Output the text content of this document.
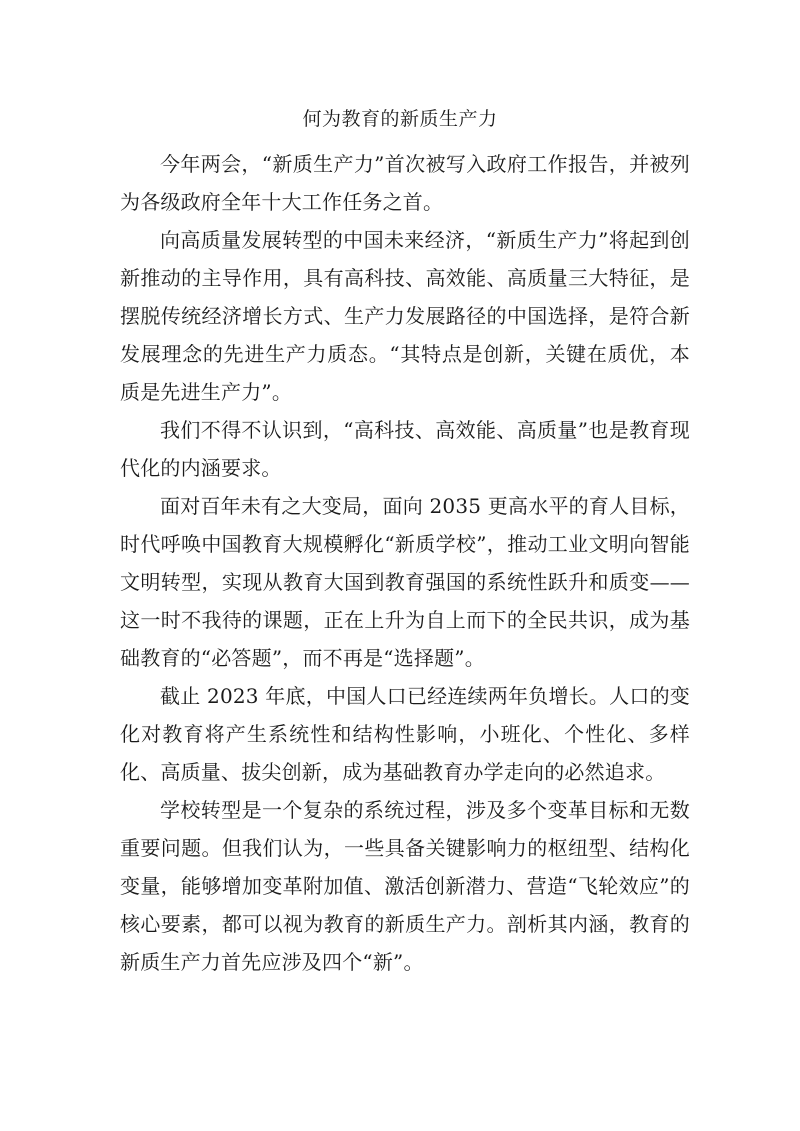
何为教育的新质生产力

今年两会，“新质生产力”首次被写入政府工作报告，并被列为各级政府全年十大工作任务之首。

向高质量发展转型的中国未来经济，“新质生产力”将起到创新推动的主导作用，具有高科技、高效能、高质量三大特征，是摆脱传统经济增长方式、生产力发展路径的中国选择，是符合新发展理念的先进生产力质态。“其特点是创新，关键在质优，本质是先进生产力”。

我们不得不认识到，“高科技、高效能、高质量”也是教育现代化的内涵要求。

面对百年未有之大变局，面向 2035 更高水平的育人目标，时代呼唤中国教育大规模孵化“新质学校”，推动工业文明向智能文明转型，实现从教育大国到教育强国的系统性跃升和质变——这一时不我待的课题，正在上升为自上而下的全民共识，成为基础教育的“必答题”，而不再是“选择题”。

截止 2023 年底，中国人口已经连续两年负增长。人口的变化对教育将产生系统性和结构性影响，小班化、个性化、多样化、高质量、拔尖创新，成为基础教育办学走向的必然追求。

学校转型是一个复杂的系统过程，涉及多个变革目标和无数重要问题。但我们认为，一些具备关键影响力的枢纽型、结构化变量，能够增加变革附加值、激活创新潜力、营造“飞轮效应”的核心要素，都可以视为教育的新质生产力。剖析其内涵，教育的新质生产力首先应涉及四个“新”。
